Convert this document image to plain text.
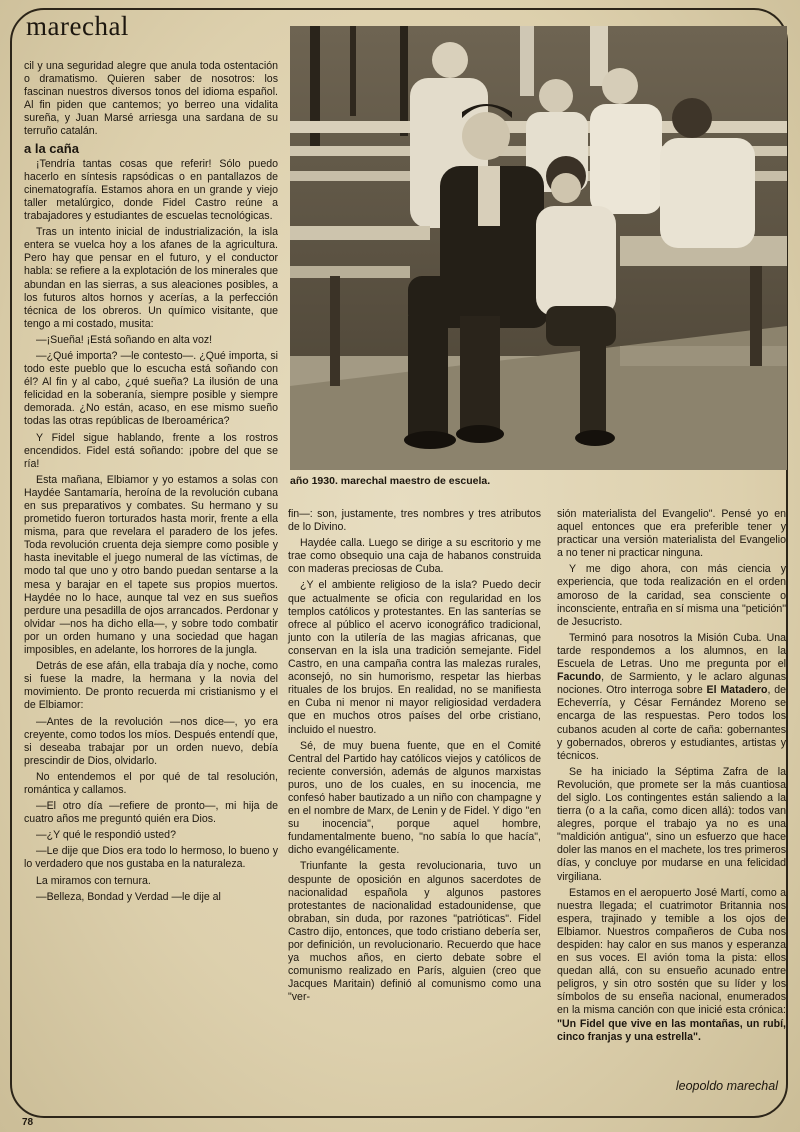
marechal

cil y una seguridad alegre que anula toda ostentación o dramatismo. Quieren saber de nosotros: los fascinan nuestros diversos tonos del idioma español. Al fin piden que cantemos; yo berreo una vidalita sureña, y Juan Marsé arriesga una sardana de su terruño catalán.

a la caña

¡Tendría tantas cosas que referir! Sólo puedo hacerlo en síntesis rapsódicas o en pantallazos de cinematografía. Estamos ahora en un grande y viejo taller metalúrgico, donde Fidel Castro reúne a trabajadores y estudiantes de escuelas tecnológicas.

Tras un intento inicial de industrialización, la isla entera se vuelca hoy a los afanes de la agricultura. Pero hay que pensar en el futuro, y el conductor habla: se refiere a la explotación de los minerales que abundan en las sierras, a sus aleaciones posibles, a los futuros altos hornos y acerías, a la perfección técnica de los obreros. Un químico visitante, que tengo a mi costado, musita:

—¡Sueña! ¡Está soñando en alta voz!

—¿Qué importa? —le contesto—. ¿Qué importa, si todo este pueblo que lo escucha está soñando con él? Al fin y al cabo, ¿qué sueña? La ilusión de una felicidad en la soberanía, siempre posible y siempre demorada. ¿No están, acaso, en ese mismo sueño todas las otras repúblicas de Iberoamérica?

Y Fidel sigue hablando, frente a los rostros encendidos. Fidel está soñando: ¡pobre del que se ría!

Esta mañana, Elbiamor y yo estamos a solas con Haydée Santamaría, heroína de la revolución cubana en sus preparativos y combates. Su hermano y su prometido fueron torturados hasta morir, frente a ella misma, para que revelara el paradero de los jefes. Toda revolución cruenta deja siempre como posible y hasta inevitable el juego numeral de las víctimas, de modo tal que uno y otro bando puedan sentarse a la mesa y barajar en el tapete sus propios muertos. Haydée no lo hace, aunque tal vez en sus sueños perdure una pesadilla de ojos arrancados. Perdonar y olvidar —nos ha dicho ella—, y sobre todo combatir por un orden humano y una sociedad que hagan imposibles, en adelante, los horrores de la jungla.

Detrás de ese afán, ella trabaja día y noche, como si fuese la madre, la hermana y la novia del movimiento. De pronto recuerda mi cristianismo y el de Elbiamor:

—Antes de la revolución —nos dice—, yo era creyente, como todos los míos. Después entendí que, si deseaba trabajar por un orden nuevo, debía prescindir de Dios, olvidarlo.

No entendemos el por qué de tal resolución, romántica y callamos.

—El otro día —refiere de pronto—, mi hija de cuatro años me preguntó quién era Dios.

—¿Y qué le respondió usted?

—Le dije que Dios era todo lo hermoso, lo bueno y lo verdadero que nos gustaba en la naturaleza.

La miramos con ternura.

—Belleza, Bondad y Verdad —le dije al

año 1930. marechal maestro de escuela.

fin—: son, justamente, tres nombres y tres atributos de lo Divino.

Haydée calla. Luego se dirige a su escritorio y me trae como obsequio una caja de habanos construida con maderas preciosas de Cuba.

¿Y el ambiente religioso de la isla? Puedo decir que actualmente se oficia con regularidad en los templos católicos y protestantes. En las santerías se ofrece al público el acervo iconográfico tradicional, junto con la utilería de las magias africanas, que conservan en la isla una tradición semejante. Fidel Castro, en una campaña contra las malezas rurales, aconsejó, no sin humorismo, respetar las hierbas rituales de los brujos. En realidad, no se manifiesta en Cuba ni menor ni mayor religiosidad verdadera que en muchos otros países del orbe cristiano, incluido el nuestro.

Sé, de muy buena fuente, que en el Comité Central del Partido hay católicos viejos y católicos de reciente conversión, además de algunos marxistas puros, uno de los cuales, en su inocencia, me confesó haber bautizado a un niño con champagne y en el nombre de Marx, de Lenin y de Fidel. Y digo "en su inocencia", porque aquel hombre, fundamentalmente bueno, "no sabía lo que hacía", dicho evangélicamente.

Triunfante la gesta revolucionaria, tuvo un despunte de oposición en algunos sacerdotes de nacionalidad española y algunos pastores protestantes de nacionalidad estadounidense, que obraban, sin duda, por razones "patrióticas". Fidel Castro dijo, entonces, que todo cristiano debería ser, por definición, un revolucionario. Recuerdo que hace ya muchos años, en cierto debate sobre el comunismo realizado en París, alguien (creo que Jacques Maritain) definió al comunismo como una "ver-

sión materialista del Evangelio". Pensé yo en aquel entonces que era preferible tener y practicar una versión materialista del Evangelio a no tener ni practicar ninguna.

Y me digo ahora, con más ciencia y experiencia, que toda realización en el orden amoroso de la caridad, sea consciente o inconsciente, entraña en sí misma una "petición" de Jesucristo.

Terminó para nosotros la Misión Cuba. Una tarde respondemos a los alumnos, en la Escuela de Letras. Uno me pregunta por el Facundo, de Sarmiento, y le aclaro algunas nociones. Otro interroga sobre El Matadero, de Echeverría, y César Fernández Moreno se encarga de las respuestas. Pero todos los cubanos acuden al corte de caña: gobernantes y gobernados, obreros y estudiantes, artistas y técnicos.

Se ha iniciado la Séptima Zafra de la Revolución, que promete ser la más cuantiosa del siglo. Los contingentes están saliendo a la tierra (o a la caña, como dicen allá): todos van alegres, porque el trabajo ya no es una "maldición antigua", sino un esfuerzo que hace doler las manos en el machete, los tres primeros días, y concluye por mudarse en una felicidad virgiliana.

Estamos en el aeropuerto José Martí, como a nuestra llegada; el cuatrimotor Britannia nos espera, trajinado y temible a los ojos de Elbiamor. Nuestros compañeros de Cuba nos despiden: hay calor en sus manos y esperanza en sus voces. El avión toma la pista: ellos quedan allá, con su ensueño acunado entre peligros, y sin otro sostén que su líder y los símbolos de su enseña nacional, enumerados en la misma canción con que inicié esta crónica: "Un Fidel que vive en las montañas, un rubí, cinco franjas y una estrella".

leopoldo marechal
78
